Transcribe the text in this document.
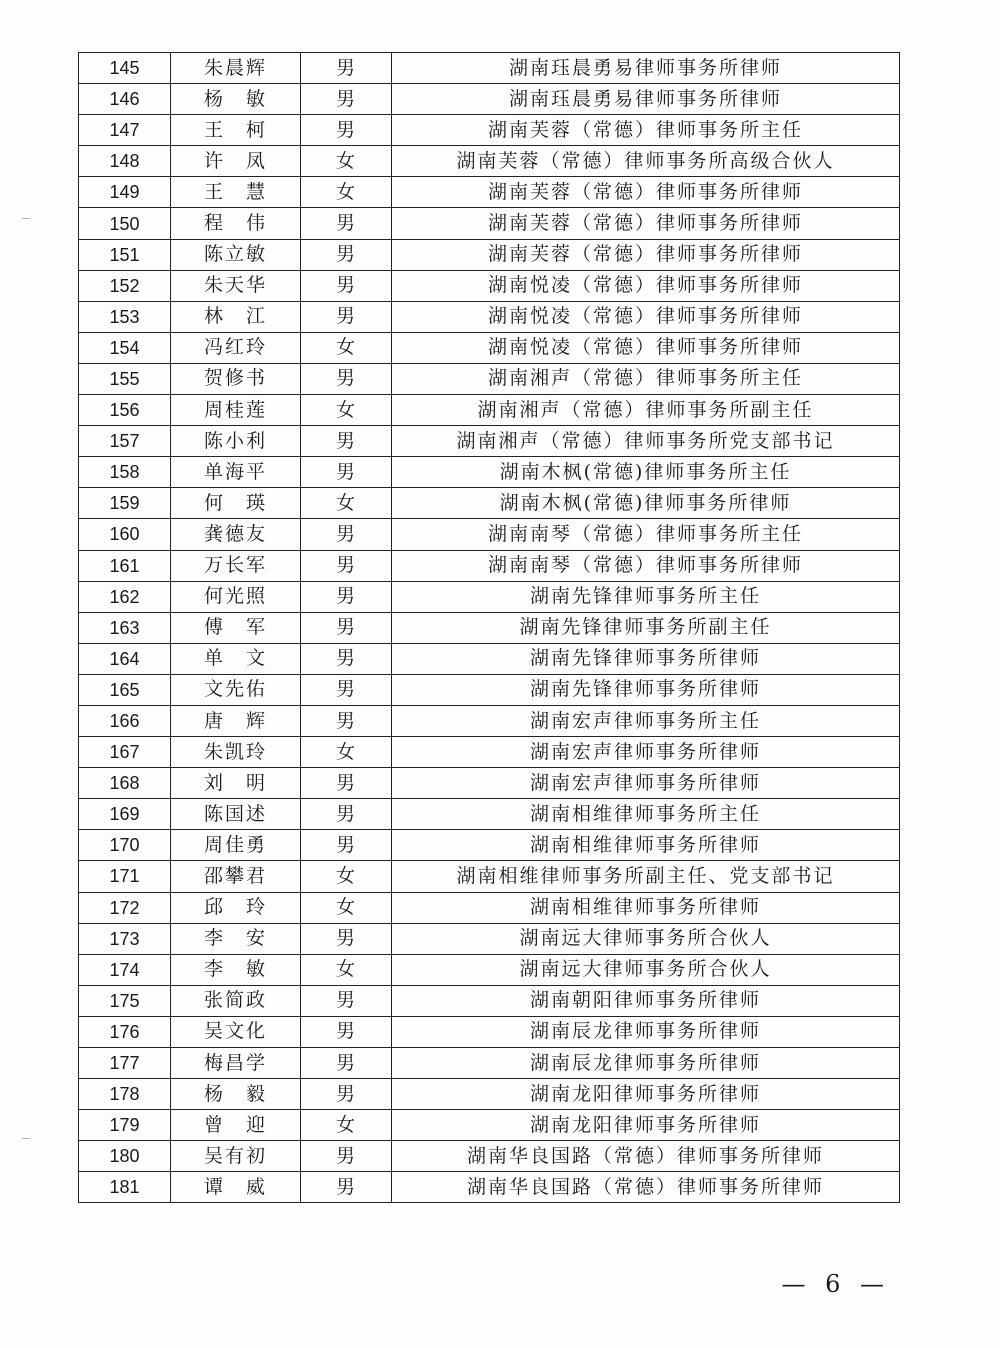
145	朱晨辉	男	湖南珏晨勇易律师事务所律师
146	杨　敏	男	湖南珏晨勇易律师事务所律师
147	王　柯	男	湖南芙蓉（常德）律师事务所主任
148	许　凤	女	湖南芙蓉（常德）律师事务所高级合伙人
149	王　慧	女	湖南芙蓉（常德）律师事务所律师
150	程　伟	男	湖南芙蓉（常德）律师事务所律师
151	陈立敏	男	湖南芙蓉（常德）律师事务所律师
152	朱天华	男	湖南悦凌（常德）律师事务所律师
153	林　江	男	湖南悦凌（常德）律师事务所律师
154	冯红玲	女	湖南悦凌（常德）律师事务所律师
155	贺修书	男	湖南湘声（常德）律师事务所主任
156	周桂莲	女	湖南湘声（常德）律师事务所副主任
157	陈小利	男	湖南湘声（常德）律师事务所党支部书记
158	单海平	男	湖南木枫(常德)律师事务所主任
159	何　瑛	女	湖南木枫(常德)律师事务所律师
160	龚德友	男	湖南南琴（常德）律师事务所主任
161	万长军	男	湖南南琴（常德）律师事务所律师
162	何光照	男	湖南先锋律师事务所主任
163	傅　军	男	湖南先锋律师事务所副主任
164	单　文	男	湖南先锋律师事务所律师
165	文先佑	男	湖南先锋律师事务所律师
166	唐　辉	男	湖南宏声律师事务所主任
167	朱凯玲	女	湖南宏声律师事务所律师
168	刘　明	男	湖南宏声律师事务所律师
169	陈国述	男	湖南相维律师事务所主任
170	周佳勇	男	湖南相维律师事务所律师
171	邵攀君	女	湖南相维律师事务所副主任、党支部书记
172	邱　玲	女	湖南相维律师事务所律师
173	李　安	男	湖南远大律师事务所合伙人
174	李　敏	女	湖南远大律师事务所合伙人
175	张简政	男	湖南朝阳律师事务所律师
176	吴文化	男	湖南辰龙律师事务所律师
177	梅昌学	男	湖南辰龙律师事务所律师
178	杨　毅	男	湖南龙阳律师事务所律师
179	曾　迎	女	湖南龙阳律师事务所律师
180	吴有初	男	湖南华良国路（常德）律师事务所律师
181	谭　威	男	湖南华良国路（常德）律师事务所律师
— 6 —
